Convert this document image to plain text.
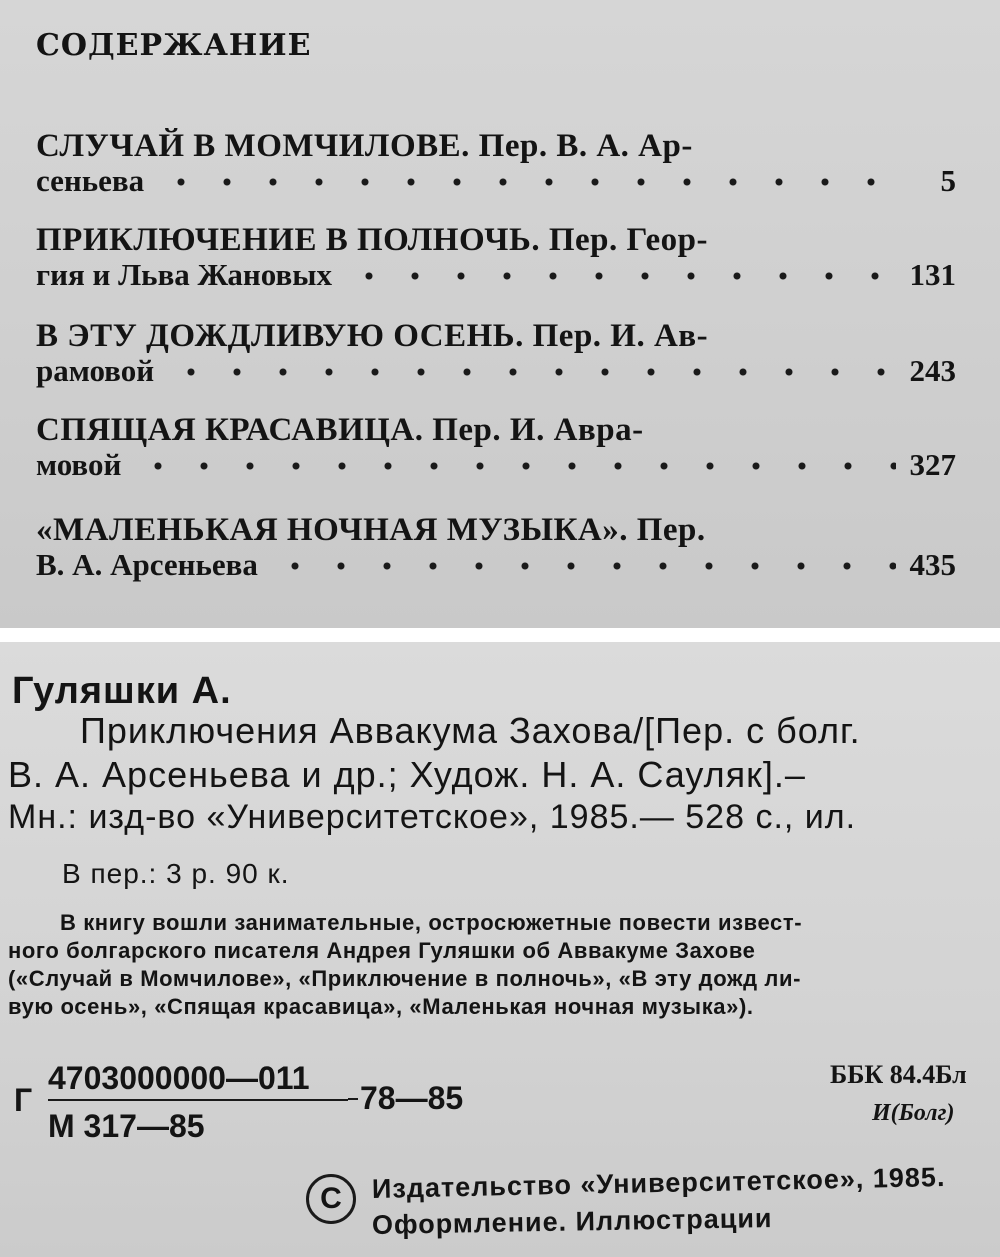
СОДЕРЖАНИЕ
СЛУЧАЙ В МОМЧИЛОВЕ. Пер. В. А. Ар-
сеньева	5
ПРИКЛЮЧЕНИЕ В ПОЛНОЧЬ. Пер. Геор-
гия и Льва Жановых	131
В ЭТУ ДОЖДЛИВУЮ ОСЕНЬ. Пер. И. Ав-
рамовой	243
СПЯЩАЯ КРАСАВИЦА. Пер. И. Авра-
мовой	327
«МАЛЕНЬКАЯ НОЧНАЯ МУЗЫКА». Пер.
В. А. Арсеньева	435
Гуляшки А.
Приключения Аввакума Захова/[Пер. с болг.
В. А. Арсеньева и др.; Худож. Н. А. Сауляк].–
Мн.: изд-во «Университетское», 1985.— 528 с., ил.
В пер.: 3 р. 90 к.
В книгу вошли занимательные, остросюжетные повести извест-
ного болгарского писателя Андрея Гуляшки об Аввакуме Захове
(«Случай в Момчилове», «Приключение в полночь», «В эту дожд ли-
вую осень», «Спящая красавица», «Маленькая ночная музыка»).
Г
4703000000—011
78—85
М 317—85
ББК 84.4Бл
И(Болг)
С	Издательство «Университетское», 1985.
Оформление. Иллюстрации
